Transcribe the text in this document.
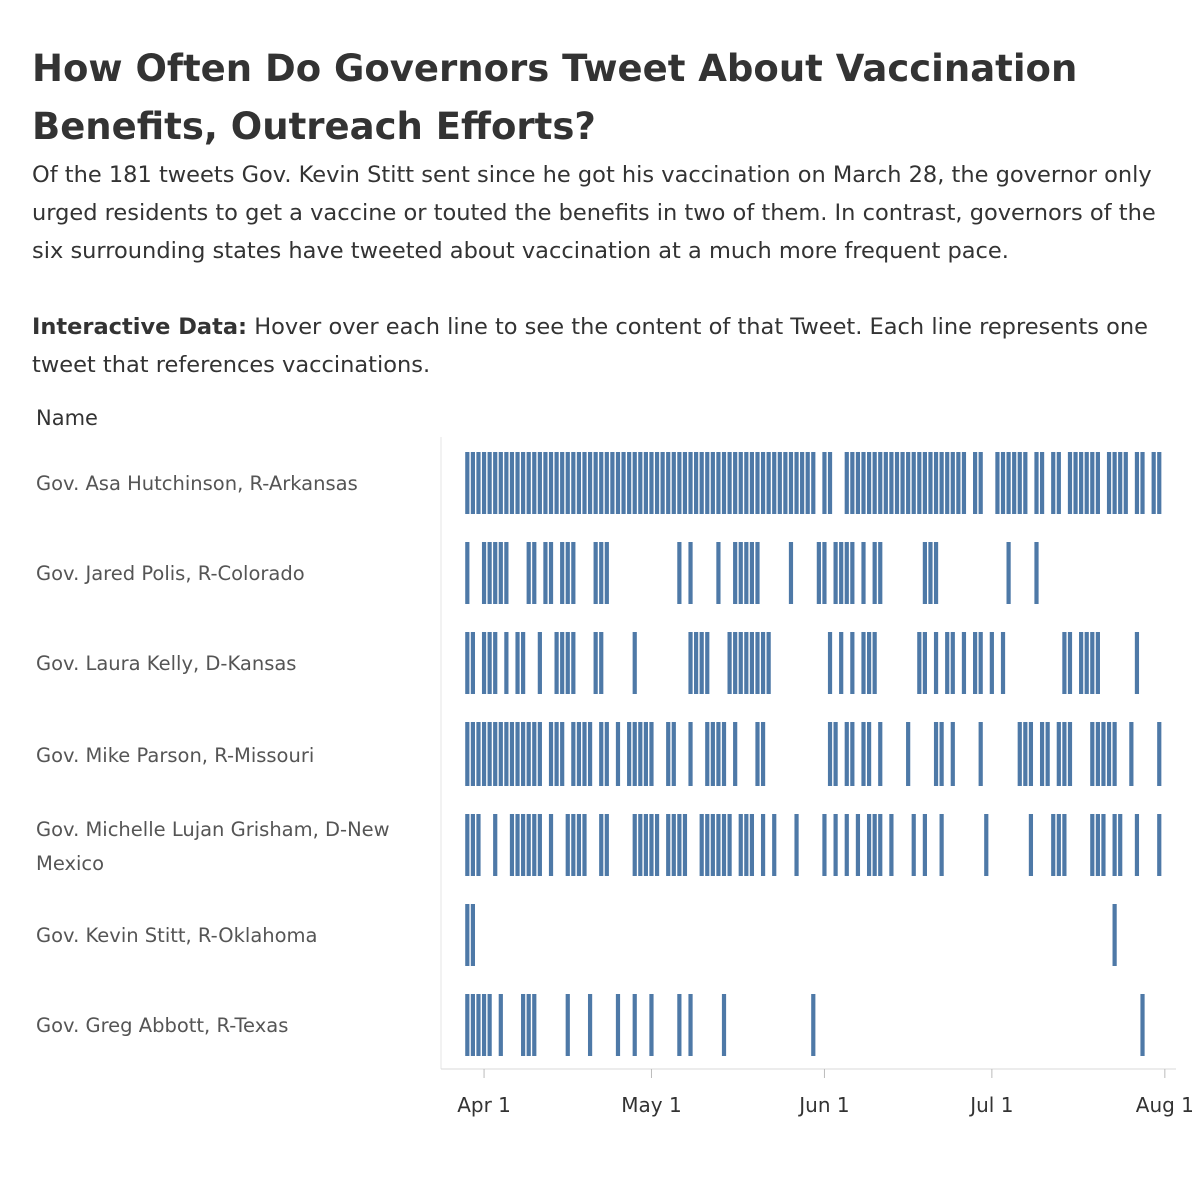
How Often Do Governors Tweet About Vaccination Benefits, Outreach Efforts?

Of the 181 tweets Gov. Kevin Stitt sent since he got his vaccination on March 28, the governor only urged residents to get a vaccine or touted the benefits in two of them. In contrast, governors of the six surrounding states have tweeted about vaccination at a much more frequent pace.

Interactive Data: Hover over each line to see the content of that Tweet. Each line represents one tweet that references vaccinations.

Name
Gov. Asa Hutchinson, R-Arkansas
Gov. Jared Polis, R-Colorado
Gov. Laura Kelly, D-Kansas
Gov. Mike Parson, R-Missouri
Gov. Michelle Lujan Grisham, D-New Mexico
Gov. Kevin Stitt, R-Oklahoma
Gov. Greg Abbott, R-Texas
Apr 1	May 1	Jun 1	Jul 1	Aug 1
